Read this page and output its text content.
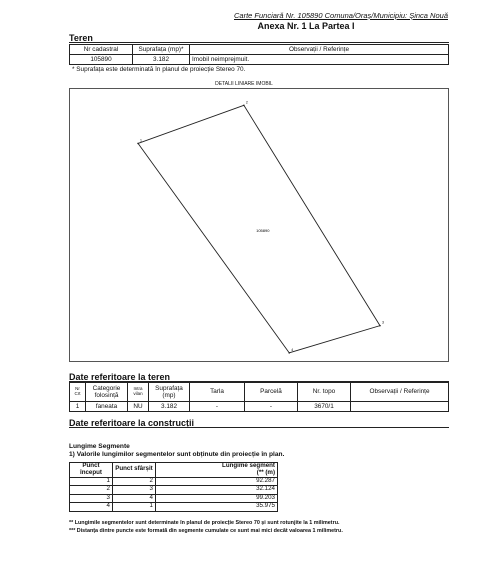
Carte Funciară Nr. 105890 Comuna/Oraș/Municipiu: Șinca Nouă
Anexa Nr. 1 La Partea I
Teren
Nr cadastral	Suprafața (mp)*	Observații / Referințe
105890	3.182	Imobil neimprejmuit.
* Suprafața este determinată în planul de proiecție Stereo 70.
DETALII LINIARE IMOBIL
1
2
3
4
105890
Date referitoare la teren
Nr Crt	Categorie folosință	Intra vilan	Suprafața (mp)	Tarla	Parcelă	Nr. topo	Observații / Referințe
1	faneata	NU	3.182	-	-	3670/1	
Date referitoare la construcții
Lungime Segmente
1) Valorile lungimilor segmentelor sunt obținute din proiecție în plan.
Punct început	Punct sfârșit	Lungime segment
(** (m)

1	2	92.287
2	3	32.124
3	4	99.203
4	1	35.975
** Lungimile segmentelor sunt determinate în planul de proiecție Stereo 70 și sunt rotunjite la 1 milimetru.
*** Distanța dintre puncte este formată din segmente cumulate ce sunt mai mici decât valoarea 1 milimetru.
